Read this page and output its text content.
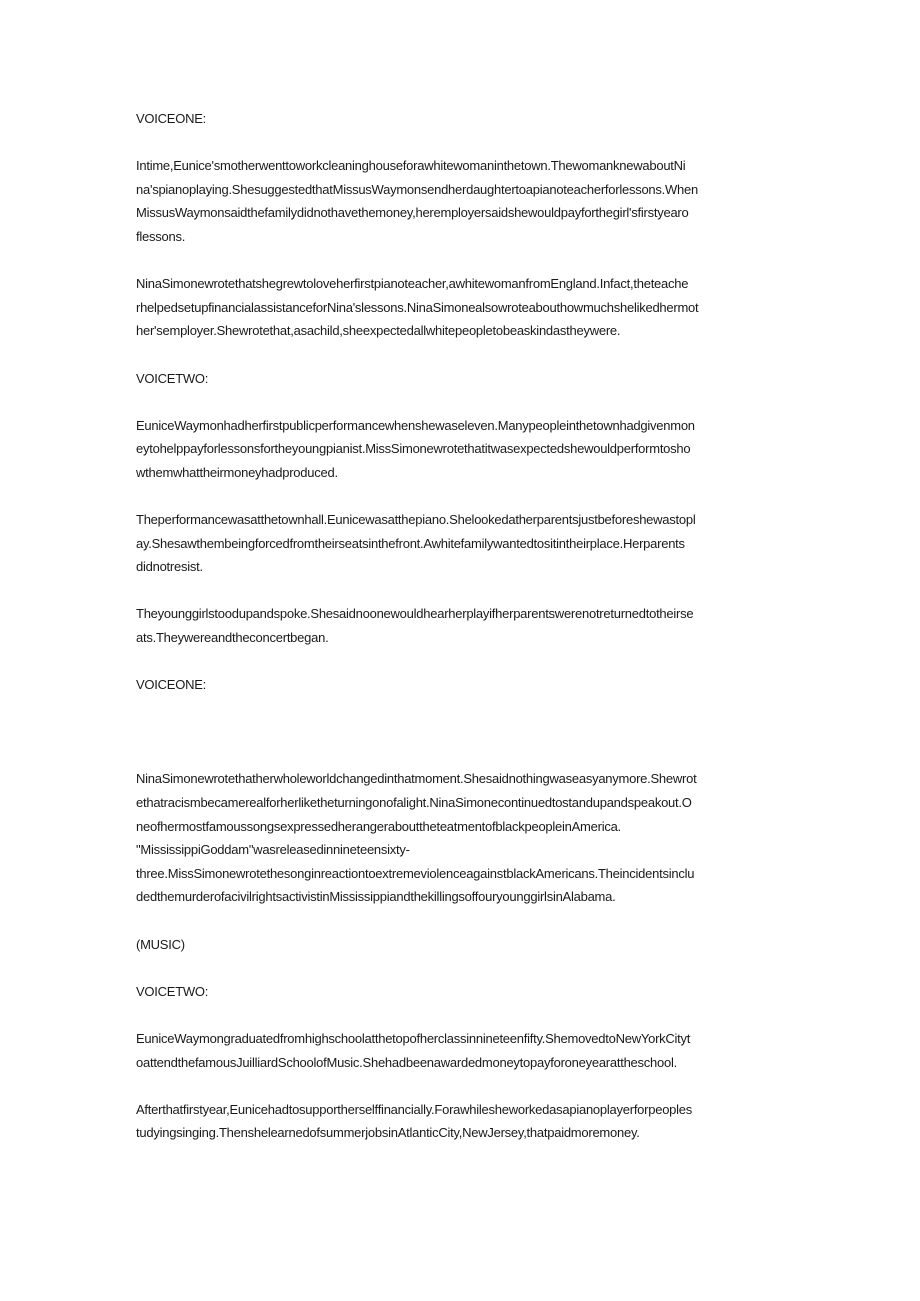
VOICEONE:

Intime,Eunice'smotherwenttoworkcleaninghouseforawhitewomaninthetown.ThewomanknewaboutNi

na'spianoplaying.ShesuggestedthatMissusWaymonsendherdaughtertoapianoteacherforlessons.When

MissusWaymonsaidthefamilydidnothavethemoney,heremployersaidshewouldpayforthegirl'sfirstyearo

flessons.

NinaSimonewrotethatshegrewtoloveherfirstpianoteacher,awhitewomanfromEngland.Infact,theteache

rhelpedsetupfinancialassistanceforNina'slessons.NinaSimonealsowroteabouthowmuchshelikedhermot

her'semployer.Shewrotethat,asachild,sheexpectedallwhitepeopletobeaskindastheywere.

VOICETWO:

EuniceWaymonhadherfirstpublicperformancewhenshewaseleven.Manypeopleinthetownhadgivenmon

eytohelppayforlessonsfortheyoungpianist.MissSimonewrotethatitwasexpectedshewouldperformtosho

wthemwhattheirmoneyhadproduced.

Theperformancewasatthetownhall.Eunicewasatthepiano.Shelookedatherparentsjustbeforeshewastopl

ay.Shesawthembeingforcedfromtheirseatsinthefront.Awhitefamilywantedtositintheirplace.Herparents

didnotresist.

Theyounggirlstoodupandspoke.Shesaidnoonewouldhearherplayifherparentswerenotreturnedtotheirse

ats.Theywereandtheconcertbegan.

VOICEONE:

NinaSimonewrotethatherwholeworldchangedinthatmoment.Shesaidnothingwaseasyanymore.Shewrot

ethatracismbecamerealforherliketheturningonofalight.NinaSimonecontinuedtostandupandspeakout.O

neofhermostfamoussongsexpressedherangerabouttheteatmentofblackpeopleinAmerica.

"MississippiGoddam"wasreleasedinnineteensixty-

three.MissSimonewrotethesonginreactiontoextremeviolenceagainstblackAmericans.Theincidentsinclu

dedthemurderofacivilrightsactivistinMississippiandthekillingsoffouryounggirlsinAlabama.

(MUSIC)

VOICETWO:

EuniceWaymongraduatedfromhighschoolatthetopofherclassinnineteenfifty.ShemovedtoNewYorkCityt

oattendthefamousJuilliardSchoolofMusic.Shehadbeenawardedmoneytopayforoneyearattheschool.

Afterthatfirstyear,Eunicehadtosupportherselffinancially.Forawhilesheworkedasapianoplayerforpeoples

tudyingsinging.ThenshelearnedofsummerjobsinAtlanticCity,NewJersey,thatpaidmoremoney.
